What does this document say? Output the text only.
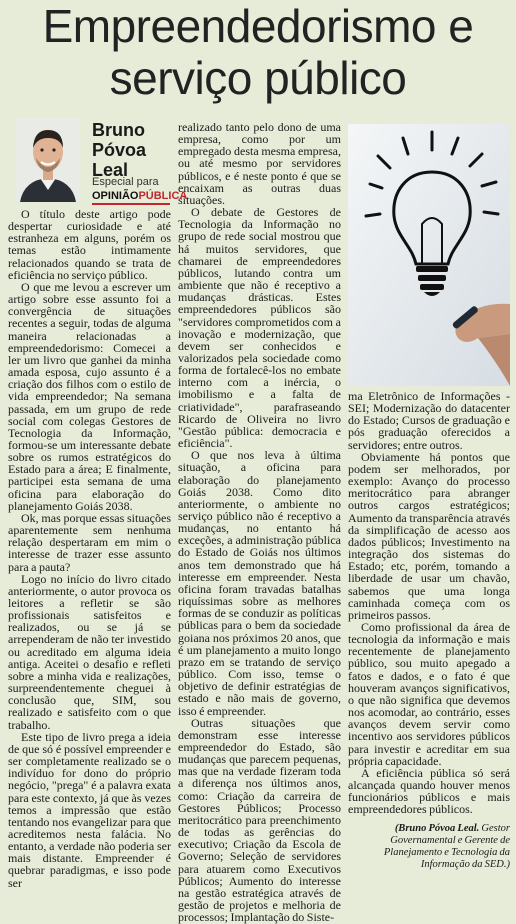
Empreendedorismo e
serviço público
Bruno
Póvoa
Leal
Especial para
OPINIÃOPÚBLICA

O título deste artigo pode despertar curiosidade e até estranheza em alguns, porém os temas estão intimamente relacionados quando se trata de eficiência no serviço público.

O que me levou a escrever um artigo sobre esse assunto foi a convergência de situações recentes a seguir, todas de alguma maneira relacionadas a empreendedorismo: Comecei a ler um livro que ganhei da minha amada esposa, cujo assunto é a criação dos filhos com o estilo de vida empreendedor; Na semana passada, em um grupo de rede social com colegas Gestores de Tecnologia da Informação, formou-se um interessante debate sobre os rumos estratégicos do Estado para a área; E finalmente, participei esta semana de uma oficina para elaboração do planejamento Goiás 2038.

Ok, mas porque essas situações aparentemente sem nenhuma relação despertaram em mim o interesse de trazer esse assunto para a pauta?

Logo no início do livro citado anteriormente, o autor provoca os leitores a refletir se são profissionais satisfeitos e realizados, ou se já se arrependeram de não ter investido ou acreditado em alguma ideia antiga. Aceitei o desafio e refleti sobre a minha vida e realizações, surpreendentemente cheguei à conclusão que, SIM, sou realizado e satisfeito com o que trabalho.

Este tipo de livro prega a ideia de que só é possível empreender e ser completamente realizado se o indivíduo for dono do próprio negócio, "prega" é a palavra exata para este contexto, já que às vezes temos a impressão que estão tentando nos evangelizar para que acreditemos nesta falácia. No entanto, a verdade não poderia ser mais distante. Empreender é quebrar paradigmas, e isso pode ser

realizado tanto pelo dono de uma empresa, como por um empregado desta mesma empresa, ou até mesmo por servidores públicos, e é neste ponto é que se encaixam as outras duas situações.

O debate de Gestores de Tecnologia da Informação no grupo de rede social mostrou que há muitos servidores, que chamarei de empreendedores públicos, lutando contra um ambiente que não é receptivo a mudanças drásticas. Estes empreendedores públicos são "servidores comprometidos com a inovação e modernização, que devem ser conhecidos e valorizados pela sociedade como forma de fortalecê-los no embate interno com a inércia, o imobilismo e a falta de criatividade", parafraseando Ricardo de Oliveira no livro "Gestão pública: democracia e eficiência".

O que nos leva à última situação, a oficina para elaboração do planejamento Goiás 2038. Como dito anteriormente, o ambiente no serviço público não é receptivo a mudanças, no entanto há exceções, a administração pública do Estado de Goiás nos últimos anos tem demonstrado que há interesse em empreender. Nesta oficina foram travadas batalhas riquíssimas sobre as melhores formas de se conduzir as políticas públicas para o bem da sociedade goiana nos próximos 20 anos, que é um planejamento a muito longo prazo em se tratando de serviço público. Com isso, temse o objetivo de definir estratégias de estado e não mais de governo, isso é empreender.

Outras situações que demonstram esse interesse empreendedor do Estado, são mudanças que parecem pequenas, mas que na verdade fizeram toda a diferença nos últimos anos, como: Criação da carreira de Gestores Públicos; Processo meritocrático para preenchimento de todas as gerências do executivo; Criação da Escola de Governo; Seleção de servidores para atuarem como Executivos Públicos; Aumento do interesse na gestão estratégica através de gestão de projetos e melhoria de processos; Implantação do Siste-

ma Eletrônico de Informações - SEI; Modernização do datacenter do Estado; Cursos de graduação e pós graduação oferecidos a servidores; entre outros.

Obviamente há pontos que podem ser melhorados, por exemplo: Avanço do processo meritocrático para abranger outros cargos estratégicos; Aumento da transparência através da simplificação de acesso aos dados públicos; Investimento na integração dos sistemas do Estado; etc, porém, tomando a liberdade de usar um chavão, sabemos que uma longa caminhada começa com os primeiros passos.

Como profissional da área de tecnologia da informação e mais recentemente de planejamento público, sou muito apegado a fatos e dados, e o fato é que houveram avanços significativos, o que não significa que devemos nos acomodar, ao contrário, esses avanços devem servir como incentivo aos servidores públicos para investir e acreditar em sua própria capacidade.

A eficiência pública só será alcançada quando houver menos funcionários públicos e mais empreendedores públicos.

(Bruno Póvoa Leal. Gestor Governamental e Gerente de Planejamento e Tecnologia da Informação da SED.)
